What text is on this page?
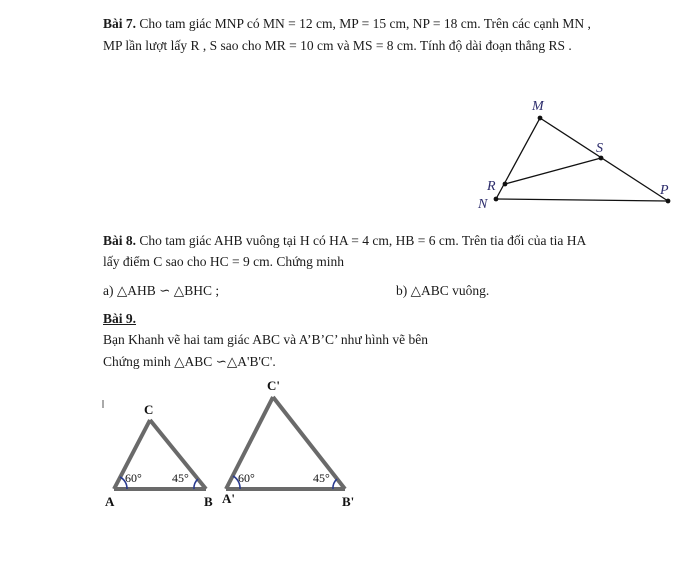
Bài 7. Cho tam giác MNP có MN = 12 cm, MP = 15 cm, NP = 18 cm. Trên các cạnh MN ,
MP lần lượt lấy R , S sao cho MR = 10 cm và MS = 8 cm. Tính độ dài đoạn thẳng RS .
M
S
R
N
P
Bài 8. Cho tam giác AHB vuông tại H có HA = 4 cm, HB = 6 cm. Trên tia đối của tia HA
lấy điểm C sao cho HC = 9 cm. Chứng minh
a) △AHB ∽ △BHC ;	b) △ABC vuông.
Bài 9.
Bạn Khanh vẽ hai tam giác ABC và A’B’C’ như hình vẽ bên
Chứng minh △ABC ∽△A'B'C'.
60°	45°
C
A	B
60°	45°
C'
A'	B'
